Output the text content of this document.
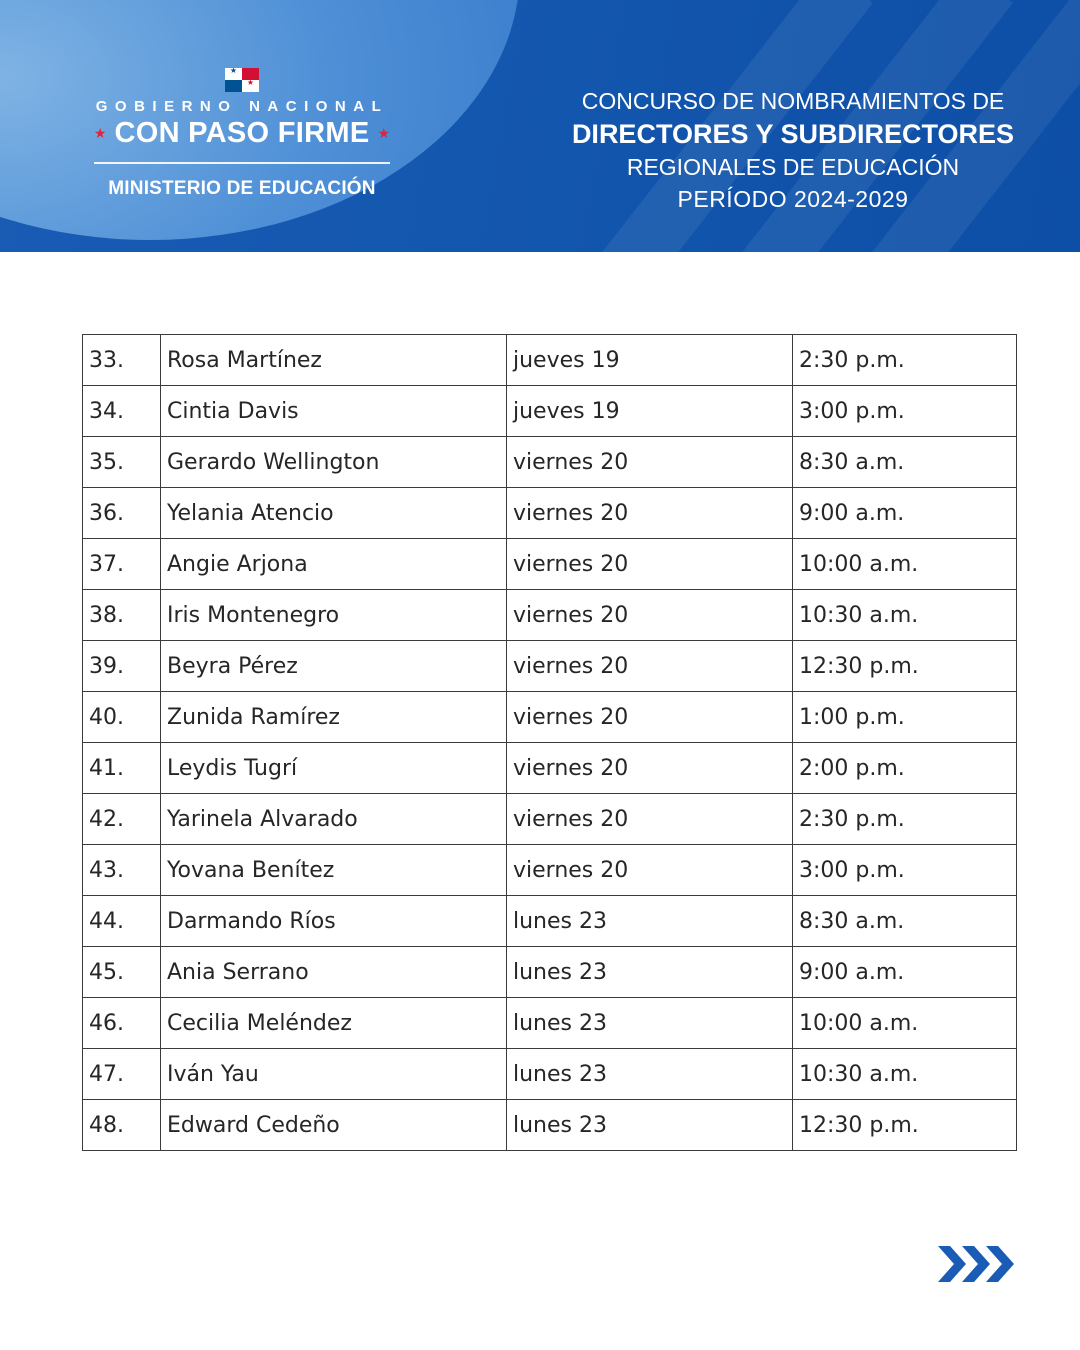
★
★
GOBIERNO NACIONAL
★ CON PASO FIRME ★
MINISTERIO DE EDUCACIÓN
CONCURSO DE NOMBRAMIENTOS DE
DIRECTORES Y SUBDIRECTORES
REGIONALES DE EDUCACIÓN
PERÍODO 2024-2029
33.	Rosa Martínez	jueves 19	2:30 p.m.
34.	Cintia Davis	jueves 19	3:00 p.m.
35.	Gerardo Wellington	viernes 20	8:30 a.m.
36.	Yelania Atencio	viernes 20	9:00 a.m.
37.	Angie Arjona	viernes 20	10:00 a.m.
38.	Iris Montenegro	viernes 20	10:30 a.m.
39.	Beyra Pérez	viernes 20	12:30 p.m.
40.	Zunida Ramírez	viernes 20	1:00 p.m.
41.	Leydis Tugrí	viernes 20	2:00 p.m.
42.	Yarinela Alvarado	viernes 20	2:30 p.m.
43.	Yovana Benítez	viernes 20	3:00 p.m.
44.	Darmando Ríos	lunes 23	8:30 a.m.
45.	Ania Serrano	lunes 23	9:00 a.m.
46.	Cecilia Meléndez	lunes 23	10:00 a.m.
47.	Iván Yau	lunes 23	10:30 a.m.
48.	Edward Cedeño	lunes 23	12:30 p.m.
